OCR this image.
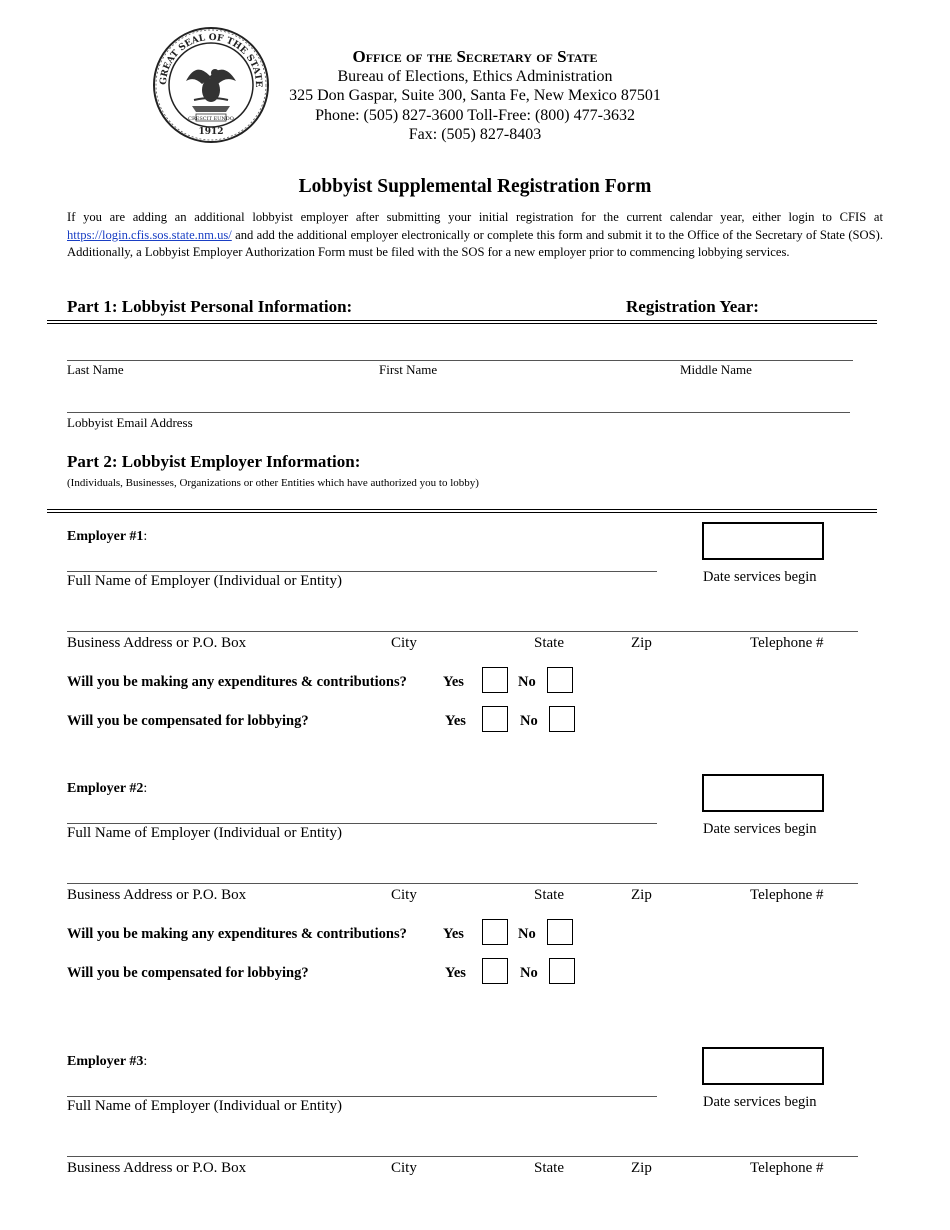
GREAT SEAL OF THE STATE
1912
CRESCIT EUNDO
Office of the Secretary of State
Bureau of Elections, Ethics Administration
325 Don Gaspar, Suite 300, Santa Fe, New Mexico 87501
Phone: (505) 827-3600 Toll-Free: (800) 477-3632
Fax: (505) 827-8403
Lobbyist Supplemental Registration Form
If you are adding an additional lobbyist employer after submitting your initial registration for the current calendar year, either login to CFIS at https://login.cfis.sos.state.nm.us/ and add the additional employer electronically or complete this form and submit it to the Office of the Secretary of State (SOS). Additionally, a Lobbyist Employer Authorization Form must be filed with the SOS for a new employer prior to commencing lobbying services.
Part 1: Lobbyist Personal Information:	Registration Year:
Last Name	First Name	Middle Name
Lobbyist Email Address
Part 2: Lobbyist Employer Information:
(Individuals, Businesses, Organizations or other Entities which have authorized you to lobby)
Employer #1:
Full Name of Employer (Individual or Entity)	Date services begin
Business Address or P.O. Box	City	State	Zip	Telephone #
Will you be making any expenditures & contributions? Yes	No
Will you be compensated for lobbying?	Yes	No
Employer #2:
Full Name of Employer (Individual or Entity)	Date services begin
Business Address or P.O. Box	City	State	Zip	Telephone #
Will you be making any expenditures & contributions? Yes	No
Will you be compensated for lobbying?	Yes	No
Employer #3:
Full Name of Employer (Individual or Entity)	Date services begin
Business Address or P.O. Box	City	State	Zip	Telephone #
